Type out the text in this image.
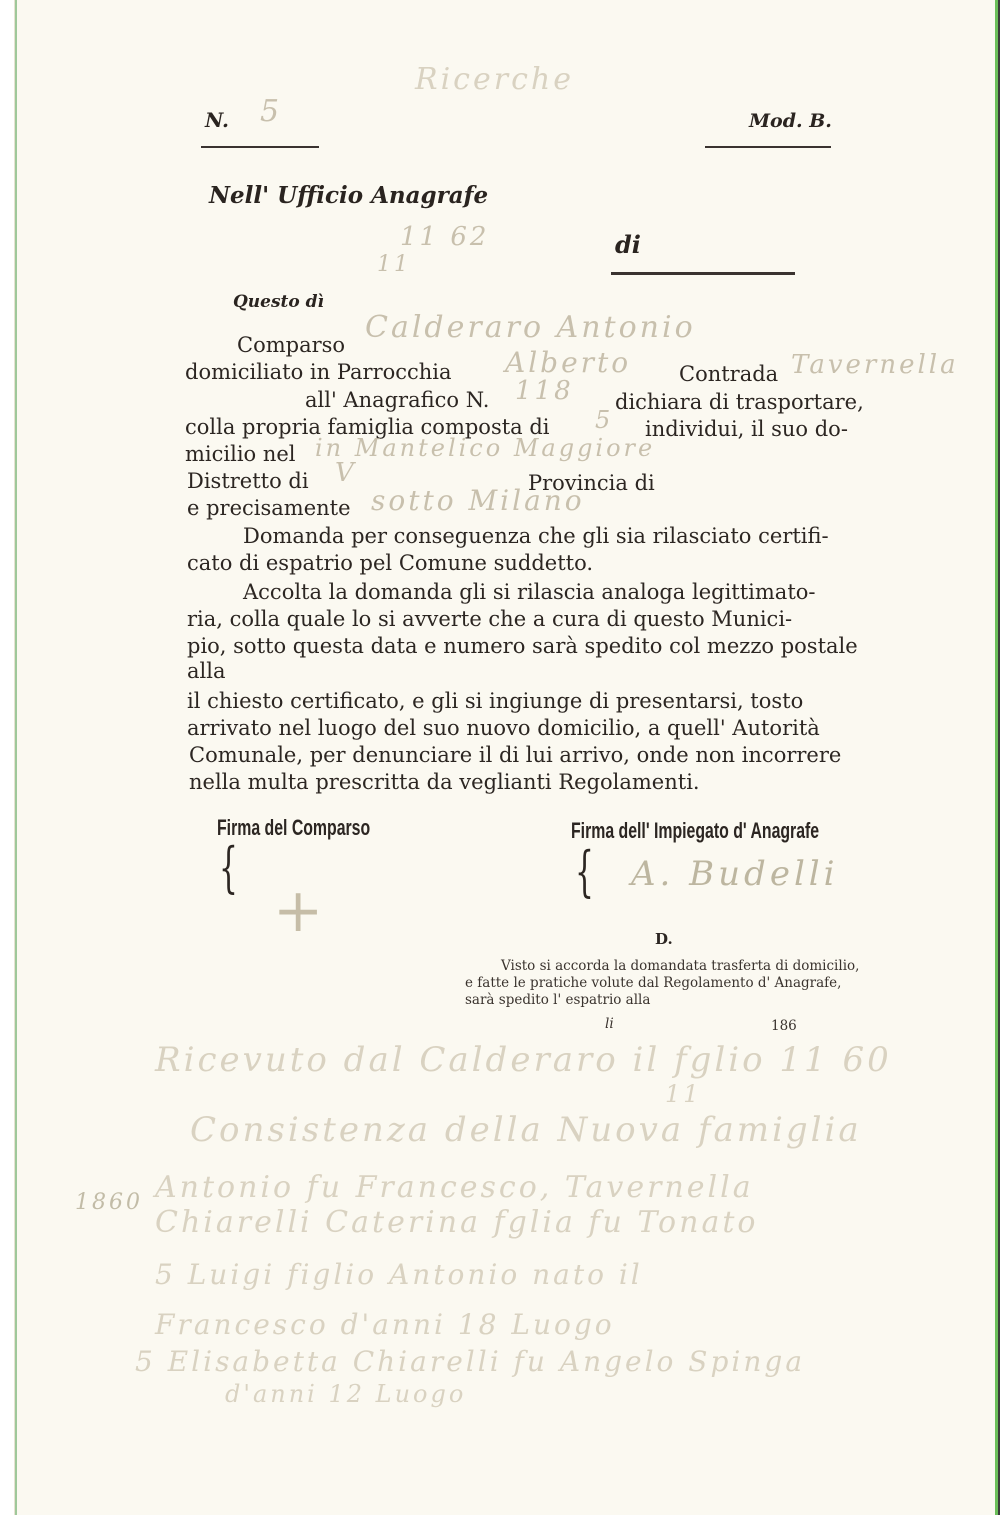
Ricerche
N. 5	Mod. B.
Nell' Ufficio Anagrafe
11 62
11
di
Questo dì
Comparso Calderaro Antonio
domiciliato in Parrocchia Alberto Contrada Tavernella
all' Anagrafico N. 118 dichiara di trasportare,
colla propria famiglia composta di 5 individui, il suo do-
micilio nel in Mantelico Maggiore
Distretto di V	Provincia di
e precisamente sotto Milano
Domanda per conseguenza che gli sia rilasciato certifi-
cato di espatrio pel Comune suddetto.
Accolta la domanda gli si rilascia analoga legittimato-
ria, colla quale lo si avverte che a cura di questo Munici-
pio, sotto questa data e numero sarà spedito col mezzo postale
alla
il chiesto certificato, e gli si ingiunge di presentarsi, tosto
arrivato nel luogo del suo nuovo domicilio, a quell' Autorità
Comunale, per denunciare il di lui arrivo, onde non incorrere
nella multa prescritta da veglianti Regolamenti.
Firma del Comparso	Firma dell' Impiegato d' Anagrafe
{	{
+
A. Budelli
D.
Visto si accorda la domandata trasferta di domicilio,
e fatte le pratiche volute dal Regolamento d' Anagrafe,
sarà spedito l' espatrio alla
li	186
Ricevuto dal Calderaro il fglio 11 60
11
Consistenza della Nuova famiglia
1860 Antonio fu Francesco, Tavernella
Chiarelli Caterina fglia fu Tonato
5 Luigi figlio Antonio nato il
Francesco d'anni 18 Luogo
5 Elisabetta Chiarelli fu Angelo Spinga
d'anni 12 Luogo
